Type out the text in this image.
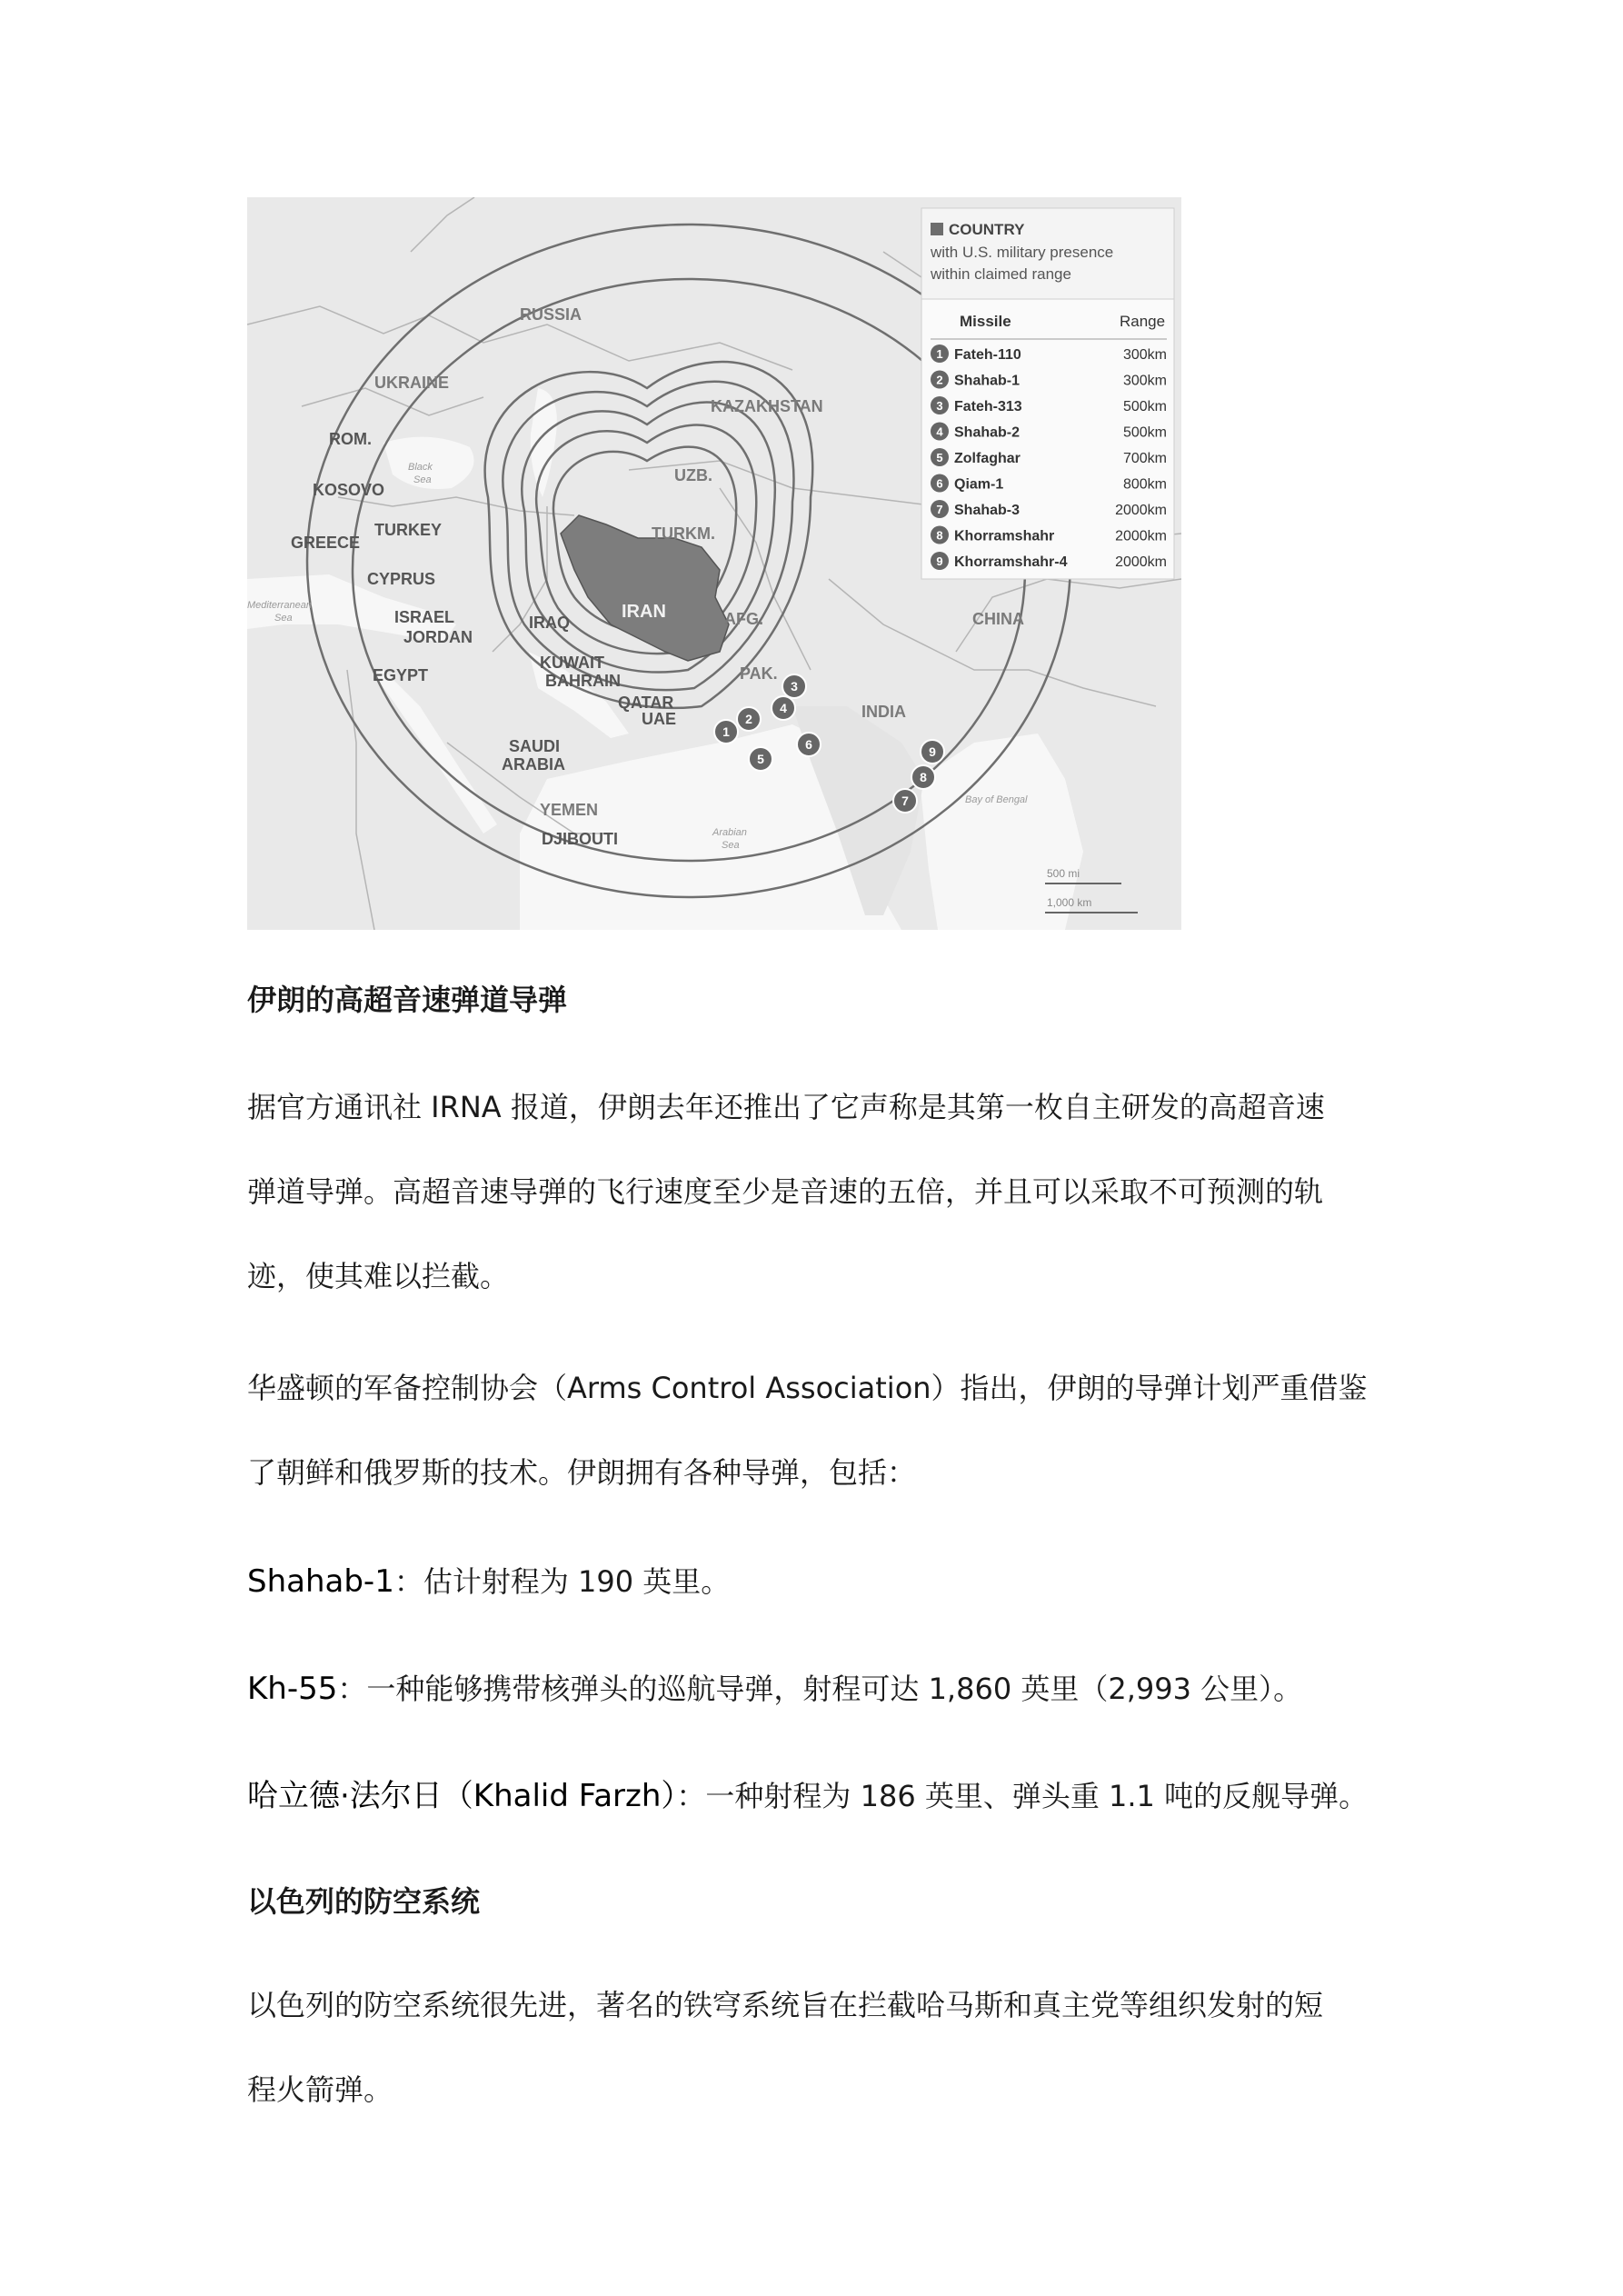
COUNTRY
with U.S. military presence
within claimed range
Missile	Range
1 Fateh-110	300km
2 Shahab-1	300km
3 Fateh-313	500km
4 Shahab-2	500km
5 Zolfaghar	700km
6 Qiam-1	800km
7 Shahab-3	2000km
8 Khorramshahr	2000km
9 Khorramshahr-4	2000km
RUSSIA
UKRAINE
KAZAKHSTAN
ROM.
KOSOVO
UZB.
TURKEY
GREECE	TURKM.
CYPRUS
ISRAEL
JORDAN
IRAQ
IRAN	AFG.	CHINA
EGYPT
KUWAIT
BAHRAIN	PAK.
QATAR
UAE	INDIA
SAUDI
ARABIA
YEMEN
DJIBOUTI
Black
Sea
Mediterranean
Sea
Arabian
Sea
Bay of Bengal
500 mi
1,000 km
1
2
3
4
5
6
7
8
9
伊朗的高超音速弹道导弹
据官方通讯社 IRNA 报道，伊朗去年还推出了它声称是其第一枚自主研发的高超音速
弹道导弹。高超音速导弹的飞行速度至少是音速的五倍，并且可以采取不可预测的轨
迹，使其难以拦截。
华盛顿的军备控制协会（Arms Control Association）指出，伊朗的导弹计划严重借鉴
了朝鲜和俄罗斯的技术。伊朗拥有各种导弹，包括：
Shahab-1：估计射程为 190 英里。
Kh-55：一种能够携带核弹头的巡航导弹，射程可达 1,860 英里（2,993 公里）。
哈立德·法尔日（Khalid Farzh）：一种射程为 186 英里、弹头重 1.1 吨的反舰导弹。
以色列的防空系统
以色列的防空系统很先进，著名的铁穹系统旨在拦截哈马斯和真主党等组织发射的短
程火箭弹。
